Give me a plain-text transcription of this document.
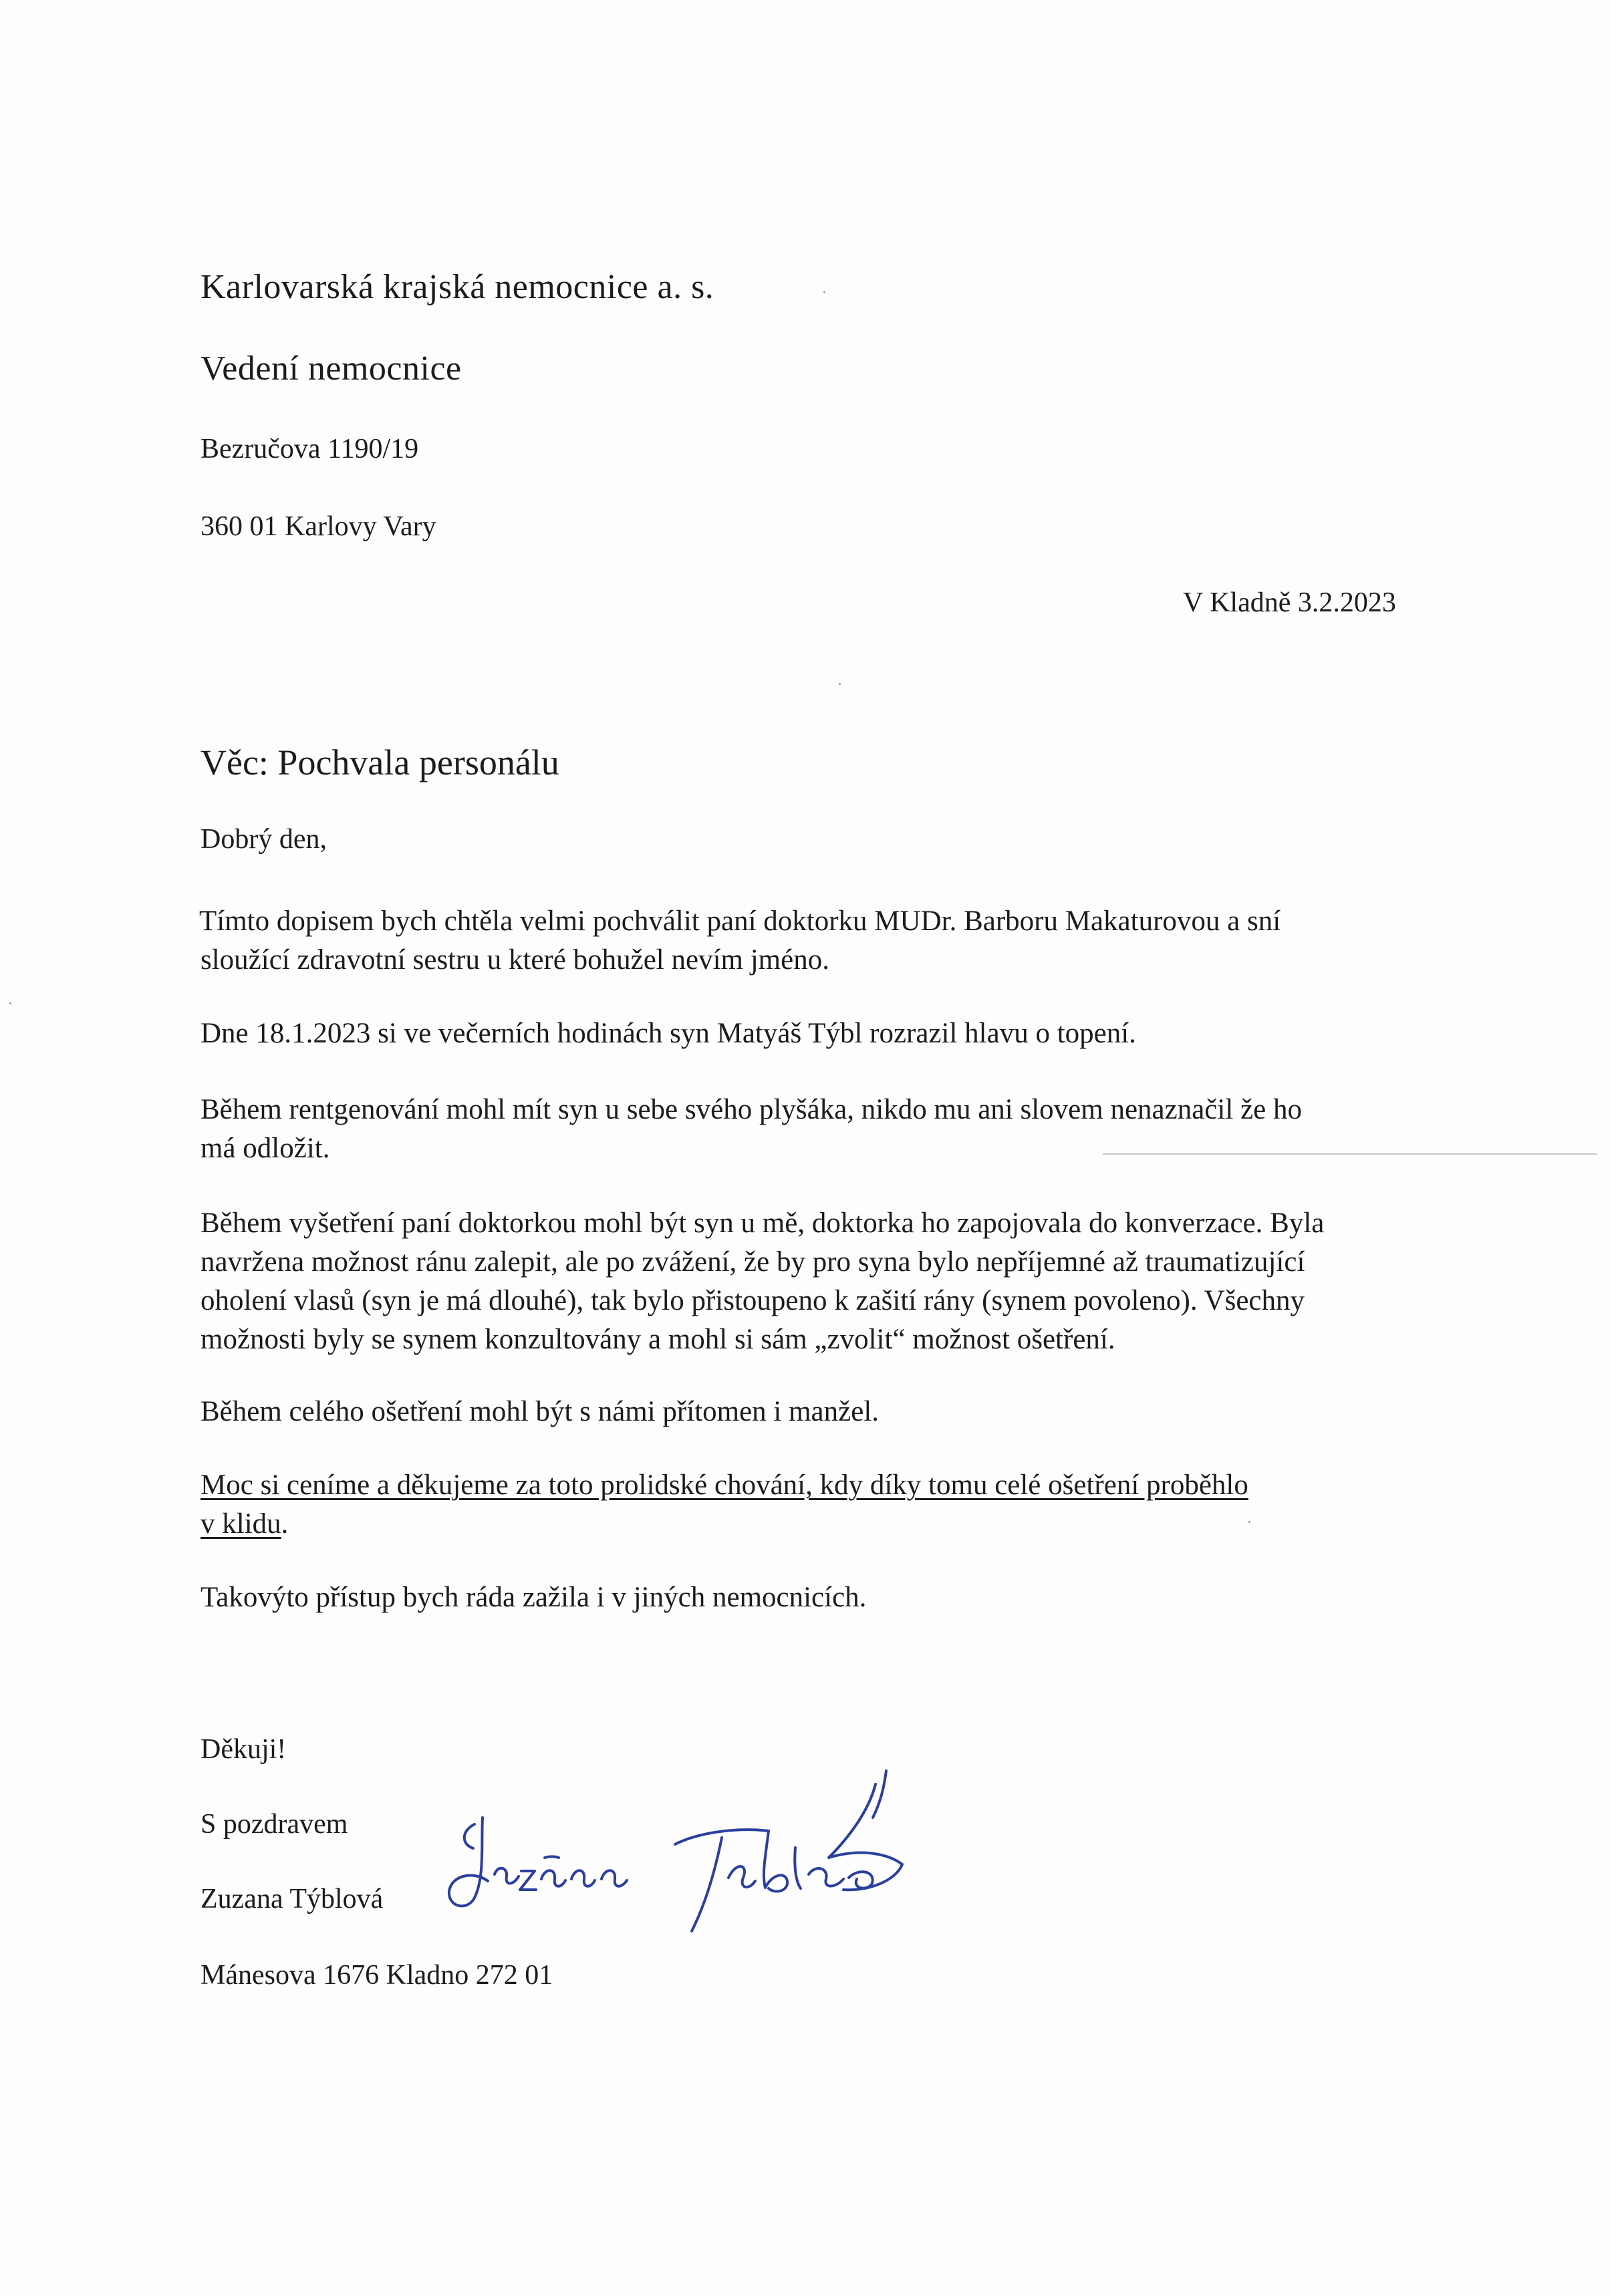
Karlovarská krajská nemocnice a. s.

Vedení nemocnice

Bezručova 1190/19

360 01 Karlovy Vary

V Kladně 3.2.2023

Věc: Pochvala personálu

Dobrý den,

Tímto dopisem bych chtěla velmi pochválit paní doktorku MUDr. Barboru Makaturovou a sní
sloužící zdravotní sestru u které bohužel nevím jméno.
Dne 18.1.2023 si ve večerních hodinách syn Matyáš Týbl rozrazil hlavu o topení.
Během rentgenování mohl mít syn u sebe svého plyšáka, nikdo mu ani slovem nenaznačil že ho
má odložit.
Během vyšetření paní doktorkou mohl být syn u mě, doktorka ho zapojovala do konverzace. Byla
navržena možnost ránu zalepit, ale po zvážení, že by pro syna bylo nepříjemné až traumatizující
oholení vlasů (syn je má dlouhé), tak bylo přistoupeno k zašití rány (synem povoleno). Všechny
možnosti byly se synem konzultovány a mohl si sám „zvolit“ možnost ošetření.
Během celého ošetření mohl být s námi přítomen i manžel.
Moc si ceníme a děkujeme za toto prolidské chování, kdy díky tomu celé ošetření proběhlo
v klidu.
Takovýto přístup bych ráda zažila i v jiných nemocnicích.

Děkuji!

S pozdravem

Zuzana Týblová

Mánesova 1676 Kladno 272 01
